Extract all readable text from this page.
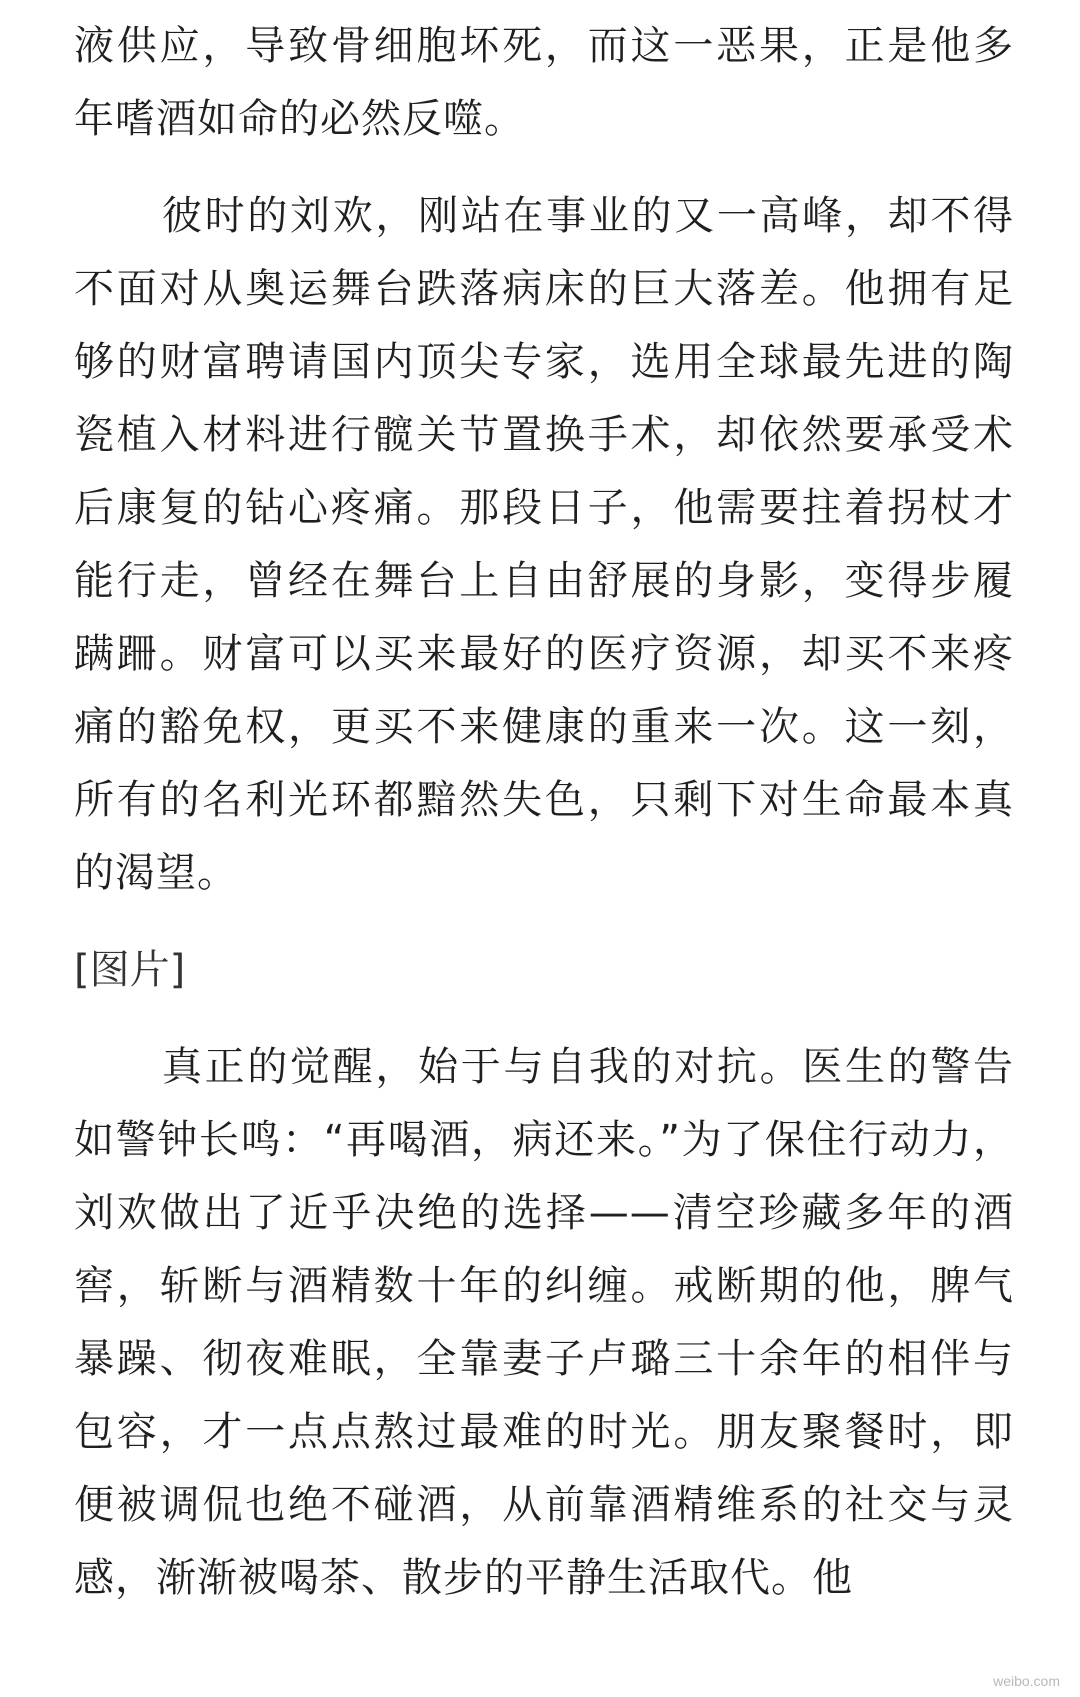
液供应，导致骨细胞坏死，而这一恶果，正是他多年嗜酒如命的必然反噬。

彼时的刘欢，刚站在事业的又一高峰，却不得不面对从奥运舞台跌落病床的巨大落差。他拥有足够的财富聘请国内顶尖专家，选用全球最先进的陶瓷植入材料进行髋关节置换手术，却依然要承受术后康复的钻心疼痛。那段日子，他需要拄着拐杖才能行走，曾经在舞台上自由舒展的身影，变得步履蹒跚。财富可以买来最好的医疗资源，却买不来疼痛的豁免权，更买不来健康的重来一次。这一刻，所有的名利光环都黯然失色，只剩下对生命最本真的渴望。

[图片]

真正的觉醒，始于与自我的对抗。医生的警告如警钟长鸣：“再喝酒，病还来。”为了保住行动力，刘欢做出了近乎决绝的选择——清空珍藏多年的酒窖，斩断与酒精数十年的纠缠。戒断期的他，脾气暴躁、彻夜难眠，全靠妻子卢璐三十余年的相伴与包容，才一点点熬过最难的时光。朋友聚餐时，即便被调侃也绝不碰酒，从前靠酒精维系的社交与灵感，渐渐被喝茶、散步的平静生活取代。他

weibo.com
